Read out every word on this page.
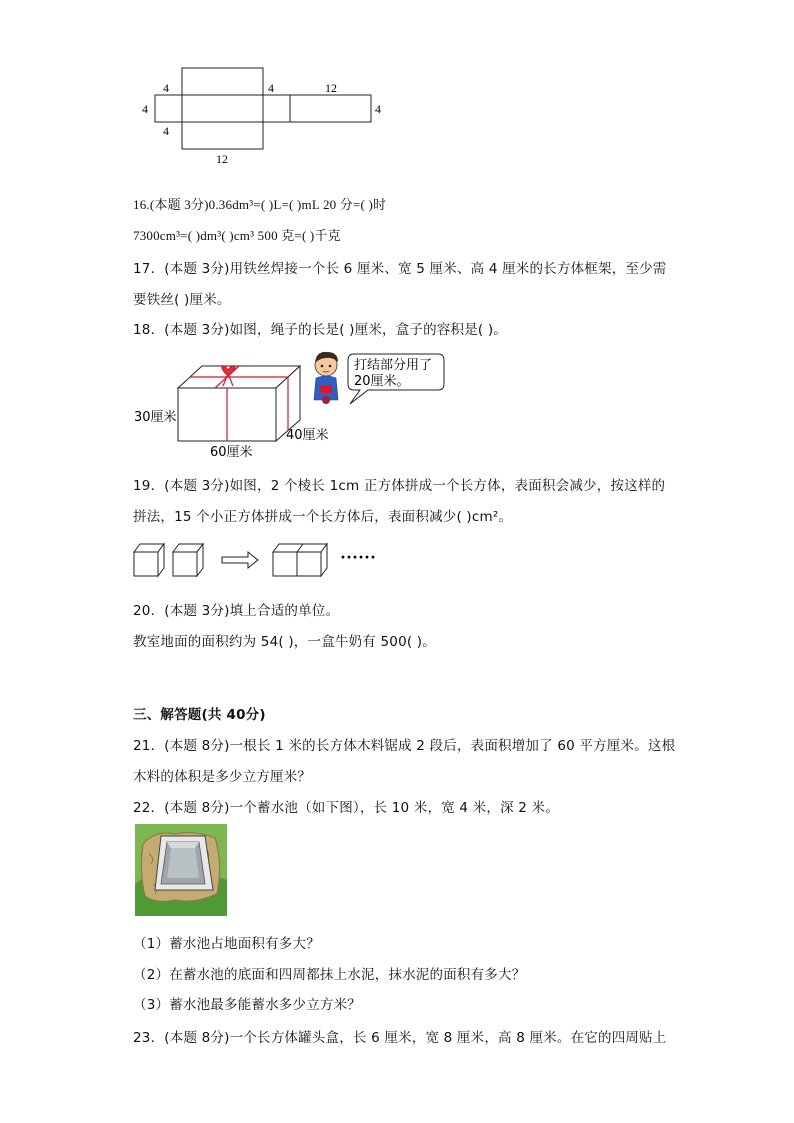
4
4
4
4	12
4
12
16.(本题 3分)0.36dm³=( )L=( )mL 20 分=( )时
7300cm³=( )dm³( )cm³ 500 克=( )千克
17．(本题 3分)用铁丝焊接一个长 6 厘米、宽 5 厘米、高 4 厘米的长方体框架，至少需
要铁丝( )厘米。
18．(本题 3分)如图，绳子的长是( )厘米，盒子的容积是( )。
30厘米
60厘米
40厘米
打结部分用了
20厘米。
19．(本题 3分)如图，2 个棱长 1cm 正方体拼成一个长方体，表面积会减少，按这样的
拼法，15 个小正方体拼成一个长方体后，表面积减少( )cm²。
······
20．(本题 3分)填上合适的单位。
教室地面的面积约为 54( )，一盒牛奶有 500( )。
三、解答题(共 40分)
21．(本题 8分)一根长 1 米的长方体木料锯成 2 段后，表面积增加了 60 平方厘米。这根
木料的体积是多少立方厘米？
22．(本题 8分)一个蓄水池（如下图），长 10 米，宽 4 米，深 2 米。
（1）蓄水池占地面积有多大？
（2）在蓄水池的底面和四周都抹上水泥，抹水泥的面积有多大？
（3）蓄水池最多能蓄水多少立方米？
23．(本题 8分)一个长方体罐头盒，长 6 厘米，宽 8 厘米，高 8 厘米。在它的四周贴上
